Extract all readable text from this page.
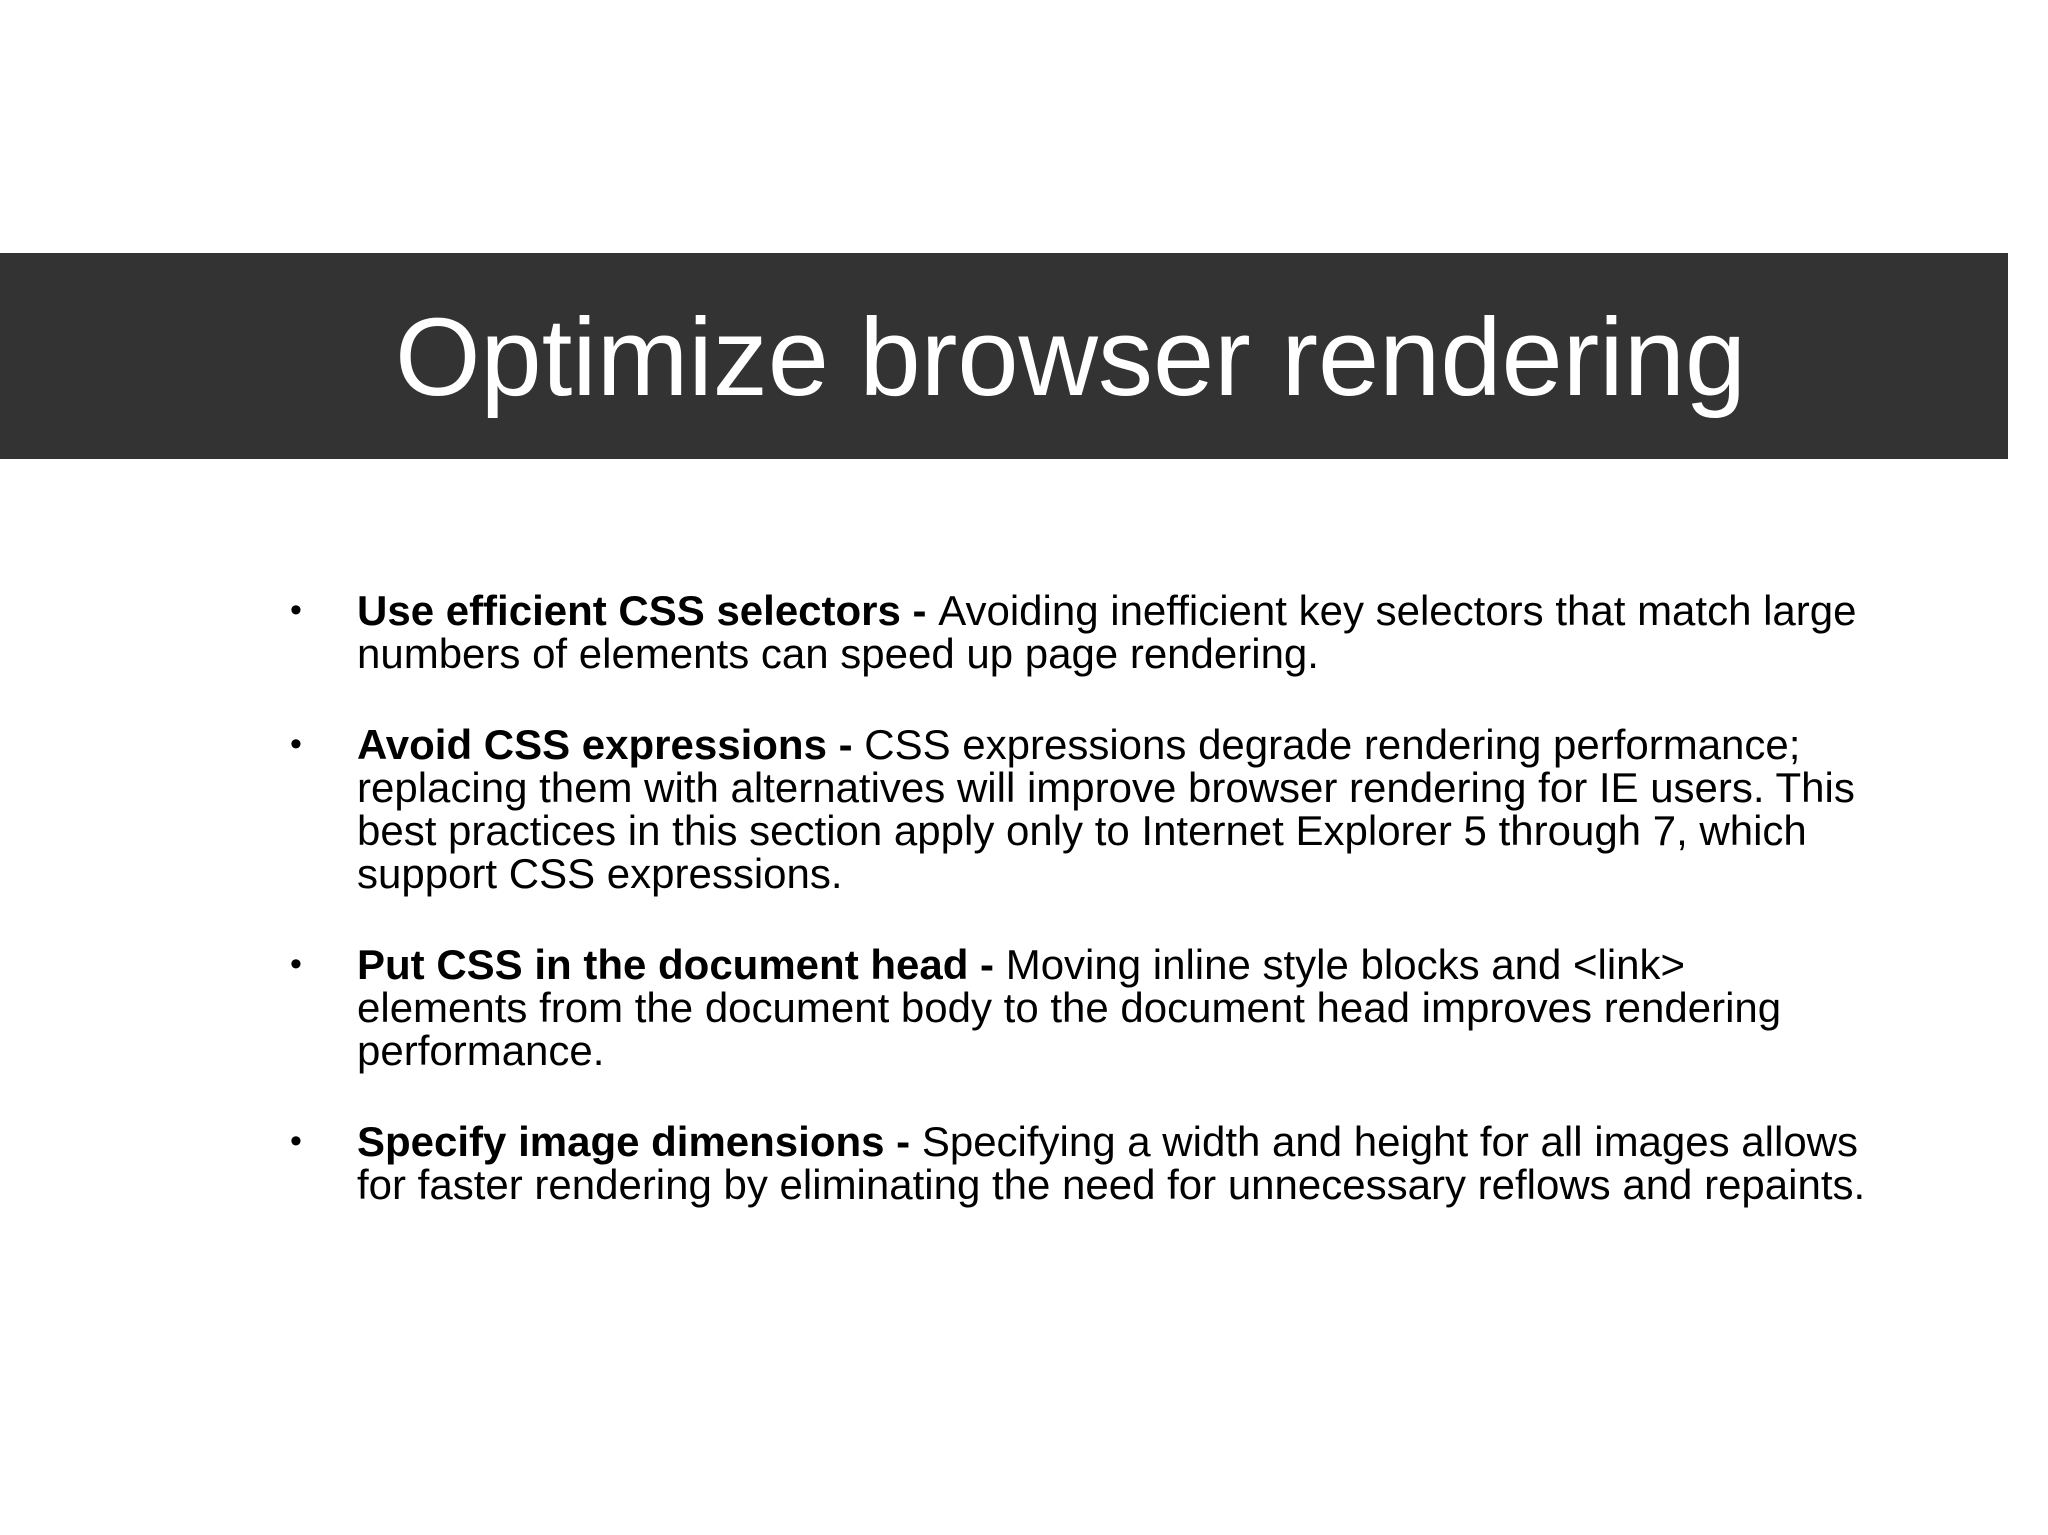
Optimize browser rendering
• Use efficient CSS selectors - Avoiding inefficient key selectors that match large
numbers of elements can speed up page rendering.
• Avoid CSS expressions - CSS expressions degrade rendering performance;
replacing them with alternatives will improve browser rendering for IE users. This
best practices in this section apply only to Internet Explorer 5 through 7, which
support CSS expressions.
• Put CSS in the document head - Moving inline style blocks and <link>
elements from the document body to the document head improves rendering
performance.
• Specify image dimensions - Specifying a width and height for all images allows
for faster rendering by eliminating the need for unnecessary reflows and repaints.
